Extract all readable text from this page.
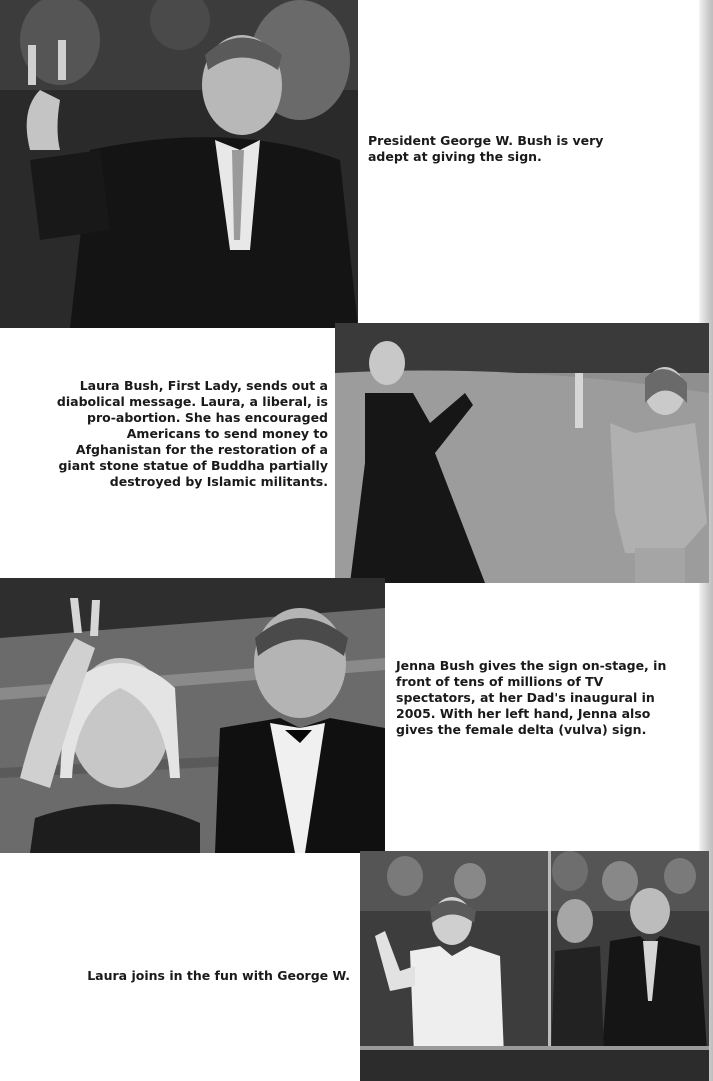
President George W. Bush is very adept at giving the sign.
Laura Bush, First Lady, sends out a diabolical message. Laura, a liberal, is pro-abortion. She has encouraged Americans to send money to Afghanistan for the restoration of a giant stone statue of Buddha partially destroyed by Islamic militants.
Jenna Bush gives the sign on-stage, in front of tens of millions of TV spectators, at her Dad's inaugural in 2005. With her left hand, Jenna also gives the female delta (vulva) sign.
Laura joins in the fun with George W.
